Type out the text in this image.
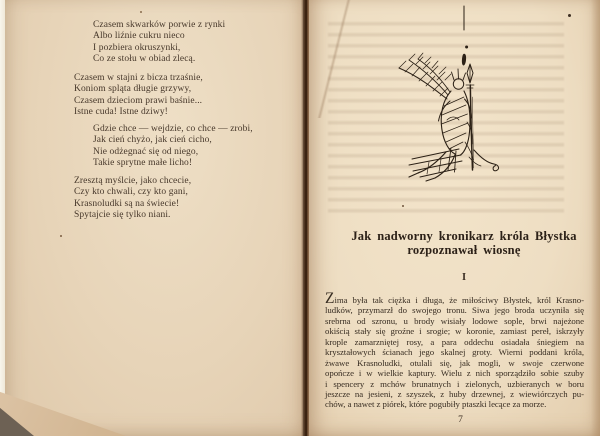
Czasem skwarków porwie z rynki
Albo liźnie cukru nieco
I pozbiera okruszynki,
Co ze stołu w obiad zlecą.
Czasem w stajni z bicza trzaśnie,
Koniom spląta długie grzywy,
Czasem dzieciom prawi baśnie...
Istne cuda! Istne dziwy!
Gdzie chce — wejdzie, co chce — zrobi,
Jak cień chyżo, jak cień cicho,
Nie odżegnać się od niego,
Takie sprytne małe licho!
Zresztą myślcie, jako chcecie,
Czy kto chwali, czy kto gani,
Krasnoludki są na świecie!
Spytajcie się tylko niani.
Jak nadworny kronikarz króla Błystka
rozpoznawał wiosnę
I
Zima była tak ciężka i długa, że miłościwy Błystek, król Krasno-
ludków, przymarzł do swojego tronu. Siwa jego broda uczyniła się
srebrna od szronu, u brody wisiały lodowe sople, brwi najeżone
okiścią stały się groźne i srogie; w koronie, zamiast pereł, iskrzyły
krople zamarzniętej rosy, a para oddechu osiadała śniegiem na
kryształowych ścianach jego skalnej groty. Wierni poddani króla,
żwawe Krasnoludki, otulali się, jak mogli, w swoje czerwone
opończe i w wielkie kaptury. Wielu z nich sporządziło sobie szuby
i spencery z mchów brunatnych i zielonych, uzbieranych w boru
jeszcze na jesieni, z szyszek, z huby drzewnej, z wiewiórczych pu-
chów, a nawet z piórek, które pogubiły ptaszki lecące za morze.
7
